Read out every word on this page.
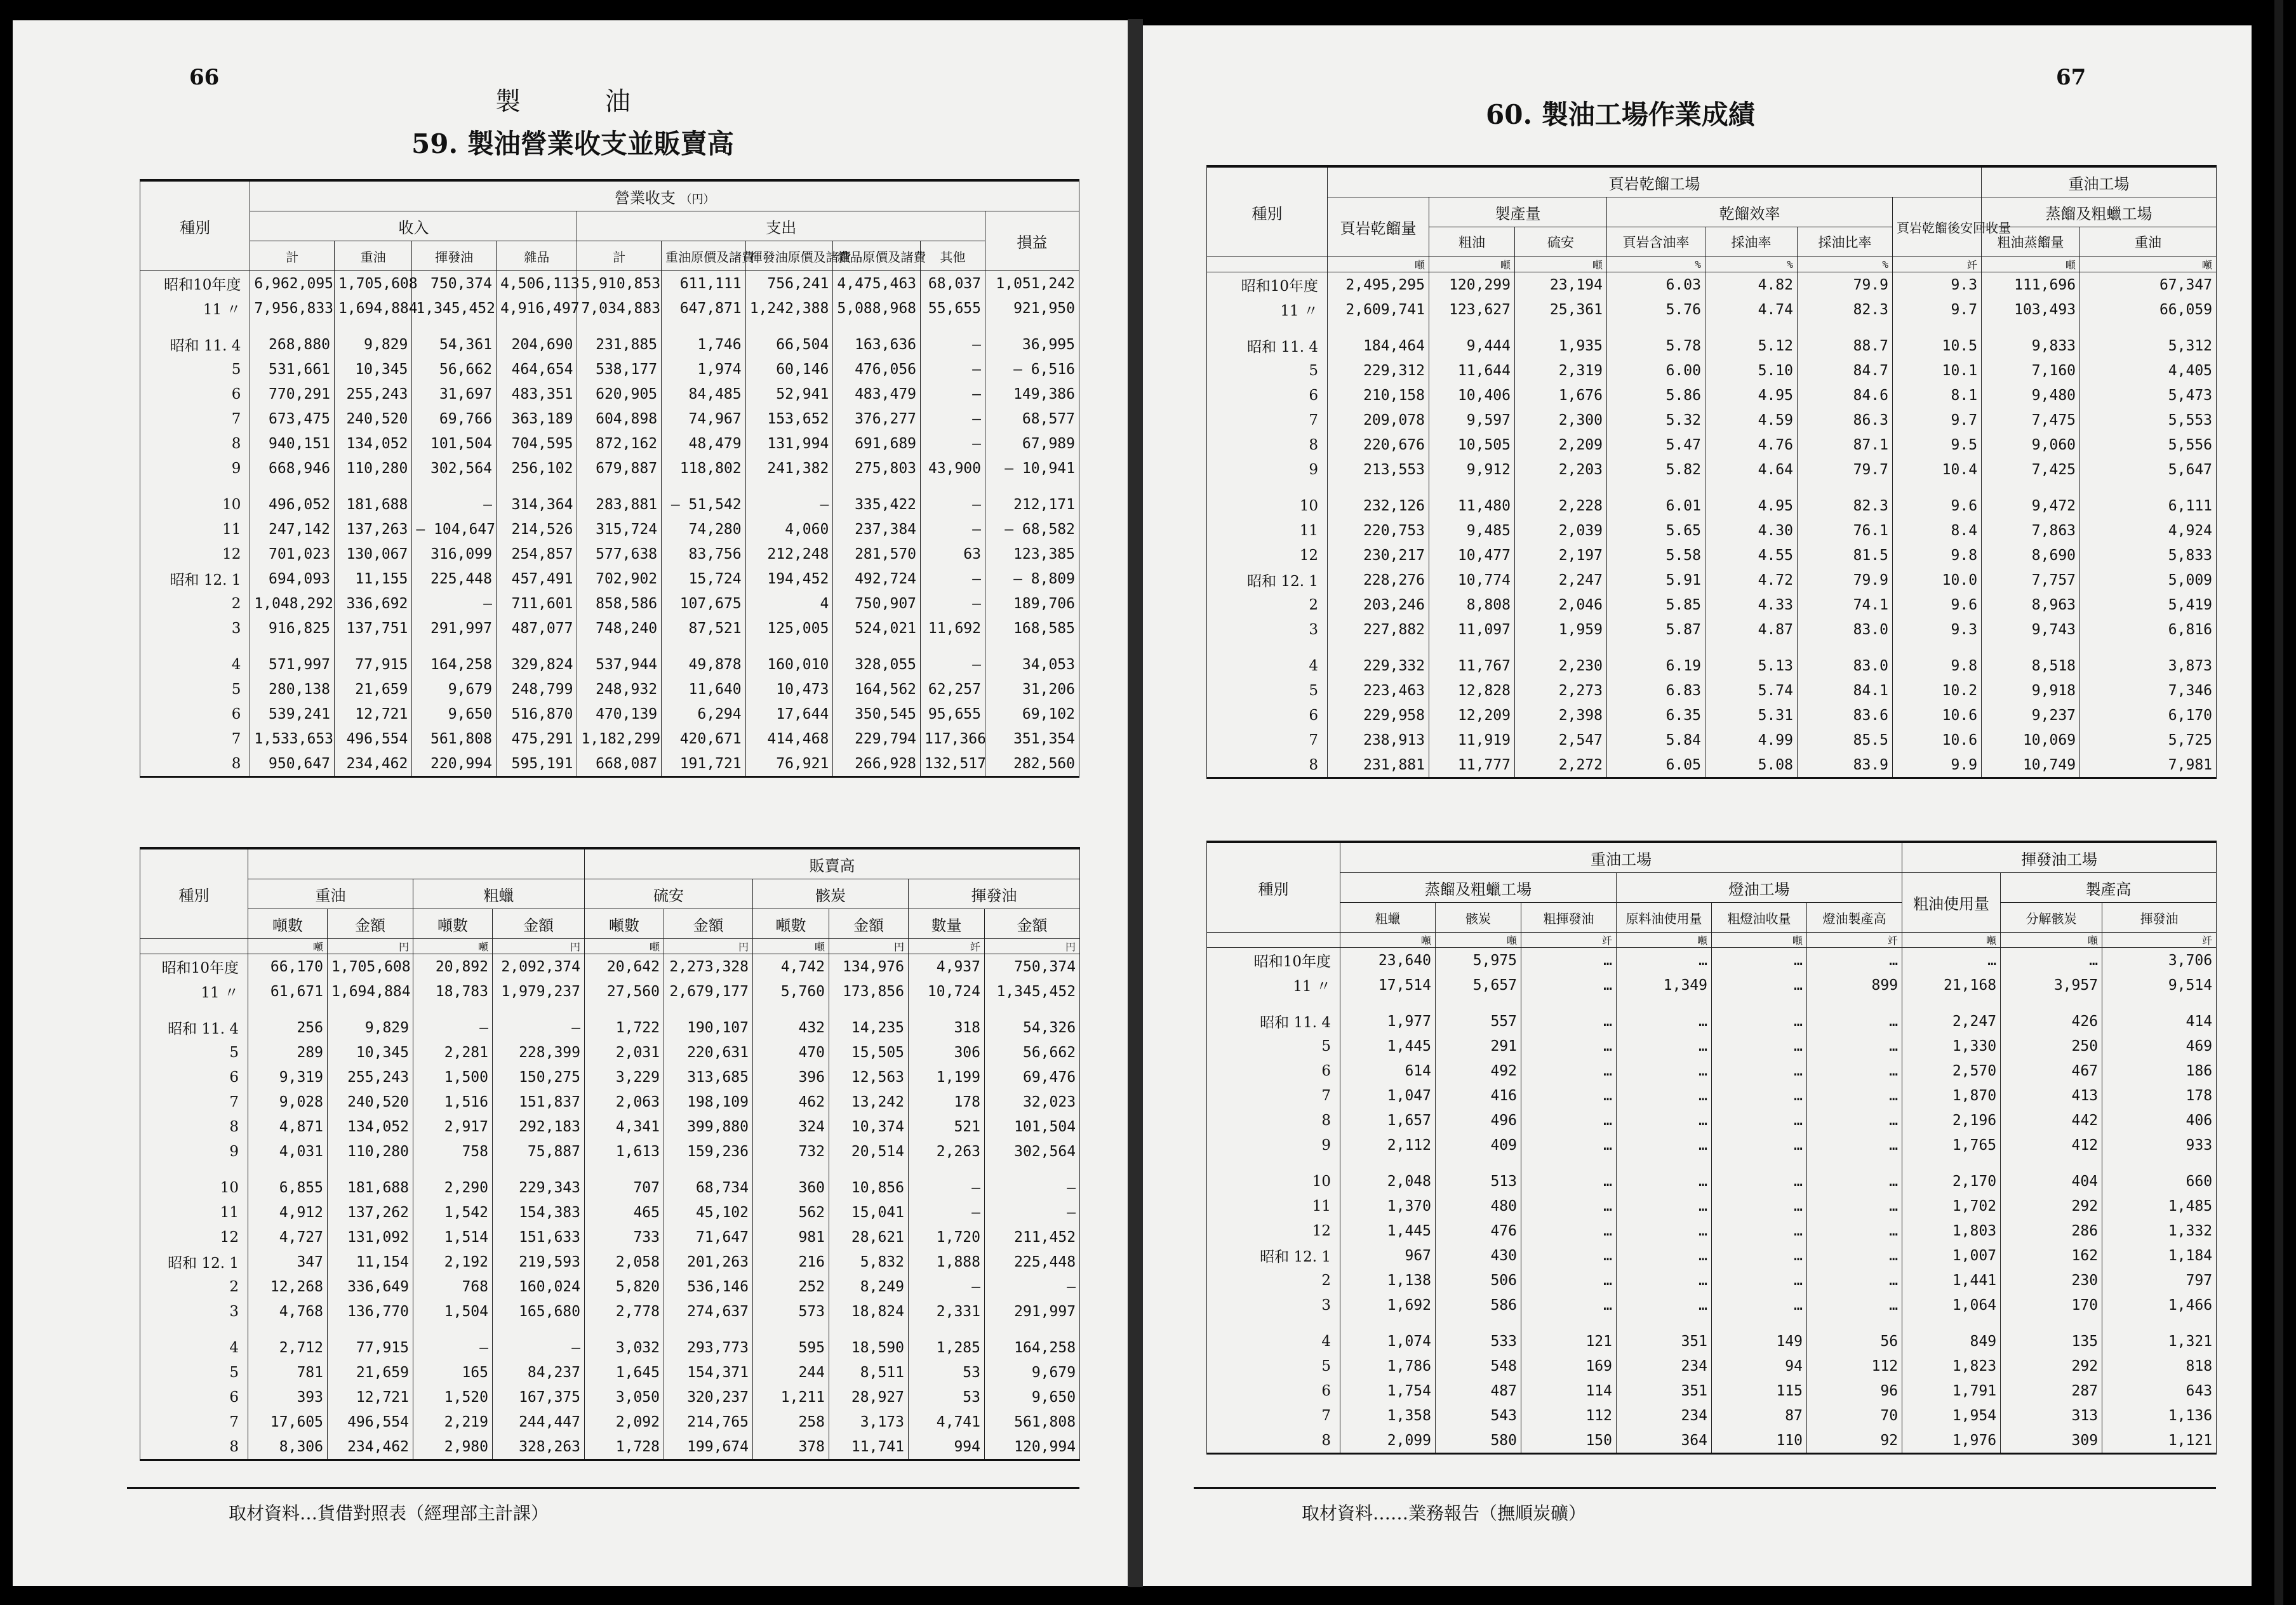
66
製 油
59. 製油營業收支並販賣高
種別	營業收支 （円）									
	收入				支出					損益
	計	重油	揮發油	雜品	計	重油原價及諸費	揮發油原價及諸費	雜品原價及諸費	其他	
昭和10年度	6,962,095	1,705,608	750,374	4,506,113	5,910,853	611,111	756,241	4,475,463	68,037	1,051,242
11 〃	7,956,833	1,694,884	1,345,452	4,916,497	7,034,883	647,871	1,242,388	5,088,968	55,655	921,950

昭和 11. 4	268,880	9,829	54,361	204,690	231,885	1,746	66,504	163,636	—	36,995
5	531,661	10,345	56,662	464,654	538,177	1,974	60,146	476,056	—	— 6,516
6	770,291	255,243	31,697	483,351	620,905	84,485	52,941	483,479	—	149,386
7	673,475	240,520	69,766	363,189	604,898	74,967	153,652	376,277	—	68,577
8	940,151	134,052	101,504	704,595	872,162	48,479	131,994	691,689	—	67,989
9	668,946	110,280	302,564	256,102	679,887	118,802	241,382	275,803	43,900	— 10,941

10	496,052	181,688	—	314,364	283,881	— 51,542	—	335,422	—	212,171
11	247,142	137,263	— 104,647	214,526	315,724	74,280	4,060	237,384	—	— 68,582
12	701,023	130,067	316,099	254,857	577,638	83,756	212,248	281,570	63	123,385
昭和 12. 1	694,093	11,155	225,448	457,491	702,902	15,724	194,452	492,724	—	— 8,809
2	1,048,292	336,692	—	711,601	858,586	107,675	4	750,907	—	189,706
3	916,825	137,751	291,997	487,077	748,240	87,521	125,005	524,021	11,692	168,585

4	571,997	77,915	164,258	329,824	537,944	49,878	160,010	328,055	—	34,053
5	280,138	21,659	9,679	248,799	248,932	11,640	10,473	164,562	62,257	31,206
6	539,241	12,721	9,650	516,870	470,139	6,294	17,644	350,545	95,655	69,102
7	1,533,653	496,554	561,808	475,291	1,182,299	420,671	414,468	229,794	117,366	351,354
8	950,647	234,462	220,994	595,191	668,087	191,721	76,921	266,928	132,517	282,560
種別					販賣高					
	重油		粗蠟		硫安		骸炭		揮發油	
	噸數	金額	噸數	金額	噸數	金額	噸數	金額	數量	金額
	噸	円	噸	円	噸	円	噸	円	竏	円
昭和10年度	66,170	1,705,608	20,892	2,092,374	20,642	2,273,328	4,742	134,976	4,937	750,374
11 〃	61,671	1,694,884	18,783	1,979,237	27,560	2,679,177	5,760	173,856	10,724	1,345,452

昭和 11. 4	256	9,829	—	—	1,722	190,107	432	14,235	318	54,326
5	289	10,345	2,281	228,399	2,031	220,631	470	15,505	306	56,662
6	9,319	255,243	1,500	150,275	3,229	313,685	396	12,563	1,199	69,476
7	9,028	240,520	1,516	151,837	2,063	198,109	462	13,242	178	32,023
8	4,871	134,052	2,917	292,183	4,341	399,880	324	10,374	521	101,504
9	4,031	110,280	758	75,887	1,613	159,236	732	20,514	2,263	302,564

10	6,855	181,688	2,290	229,343	707	68,734	360	10,856	—	—
11	4,912	137,262	1,542	154,383	465	45,102	562	15,041	—	—
12	4,727	131,092	1,514	151,633	733	71,647	981	28,621	1,720	211,452
昭和 12. 1	347	11,154	2,192	219,593	2,058	201,263	216	5,832	1,888	225,448
2	12,268	336,649	768	160,024	5,820	536,146	252	8,249	—	—
3	4,768	136,770	1,504	165,680	2,778	274,637	573	18,824	2,331	291,997

4	2,712	77,915	—	—	3,032	293,773	595	18,590	1,285	164,258
5	781	21,659	165	84,237	1,645	154,371	244	8,511	53	9,679
6	393	12,721	1,520	167,375	3,050	320,237	1,211	28,927	53	9,650
7	17,605	496,554	2,219	244,447	2,092	214,765	258	3,173	4,741	561,808
8	8,306	234,462	2,980	328,263	1,728	199,674	378	11,741	994	120,994
取材資料…貨借對照表（經理部主計課）
67
60. 製油工場作業成績
種別	頁岩乾餾工場							重油工場	
	頁岩乾餾量	製產量		乾餾效率			頁岩乾餾後安回收量	蒸餾及粗蠟工場	
		粗油	硫安	頁岩含油率	採油率	採油比率		粗油蒸餾量	重油
	噸	噸	噸	%	%	%	竏	噸	噸
昭和10年度	2,495,295	120,299	23,194	6.03	4.82	79.9	9.3	111,696	67,347
11 〃	2,609,741	123,627	25,361	5.76	4.74	82.3	9.7	103,493	66,059

昭和 11. 4	184,464	9,444	1,935	5.78	5.12	88.7	10.5	9,833	5,312
5	229,312	11,644	2,319	6.00	5.10	84.7	10.1	7,160	4,405
6	210,158	10,406	1,676	5.86	4.95	84.6	8.1	9,480	5,473
7	209,078	9,597	2,300	5.32	4.59	86.3	9.7	7,475	5,553
8	220,676	10,505	2,209	5.47	4.76	87.1	9.5	9,060	5,556
9	213,553	9,912	2,203	5.82	4.64	79.7	10.4	7,425	5,647

10	232,126	11,480	2,228	6.01	4.95	82.3	9.6	9,472	6,111
11	220,753	9,485	2,039	5.65	4.30	76.1	8.4	7,863	4,924
12	230,217	10,477	2,197	5.58	4.55	81.5	9.8	8,690	5,833
昭和 12. 1	228,276	10,774	2,247	5.91	4.72	79.9	10.0	7,757	5,009
2	203,246	8,808	2,046	5.85	4.33	74.1	9.6	8,963	5,419
3	227,882	11,097	1,959	5.87	4.87	83.0	9.3	9,743	6,816

4	229,332	11,767	2,230	6.19	5.13	83.0	9.8	8,518	3,873
5	223,463	12,828	2,273	6.83	5.74	84.1	10.2	9,918	7,346
6	229,958	12,209	2,398	6.35	5.31	83.6	10.6	9,237	6,170
7	238,913	11,919	2,547	5.84	4.99	85.5	10.6	10,069	5,725
8	231,881	11,777	2,272	6.05	5.08	83.9	9.9	10,749	7,981
種別	重油工場						揮發油工場		
	蒸餾及粗蠟工場			燈油工場			粗油使用量	製產高	
	粗蠟	骸炭	粗揮發油	原料油使用量	粗燈油收量	燈油製產高		分解骸炭	揮發油
	噸	噸	竏	噸	噸	竏	噸	噸	竏
昭和10年度	23,640	5,975	…	…	…	…	…	…	3,706
11 〃	17,514	5,657	…	1,349	…	899	21,168	3,957	9,514

昭和 11. 4	1,977	557	…	…	…	…	2,247	426	414
5	1,445	291	…	…	…	…	1,330	250	469
6	614	492	…	…	…	…	2,570	467	186
7	1,047	416	…	…	…	…	1,870	413	178
8	1,657	496	…	…	…	…	2,196	442	406
9	2,112	409	…	…	…	…	1,765	412	933

10	2,048	513	…	…	…	…	2,170	404	660
11	1,370	480	…	…	…	…	1,702	292	1,485
12	1,445	476	…	…	…	…	1,803	286	1,332
昭和 12. 1	967	430	…	…	…	…	1,007	162	1,184
2	1,138	506	…	…	…	…	1,441	230	797
3	1,692	586	…	…	…	…	1,064	170	1,466

4	1,074	533	121	351	149	56	849	135	1,321
5	1,786	548	169	234	94	112	1,823	292	818
6	1,754	487	114	351	115	96	1,791	287	643
7	1,358	543	112	234	87	70	1,954	313	1,136
8	2,099	580	150	364	110	92	1,976	309	1,121
取材資料……業務報告（撫順炭礦）
